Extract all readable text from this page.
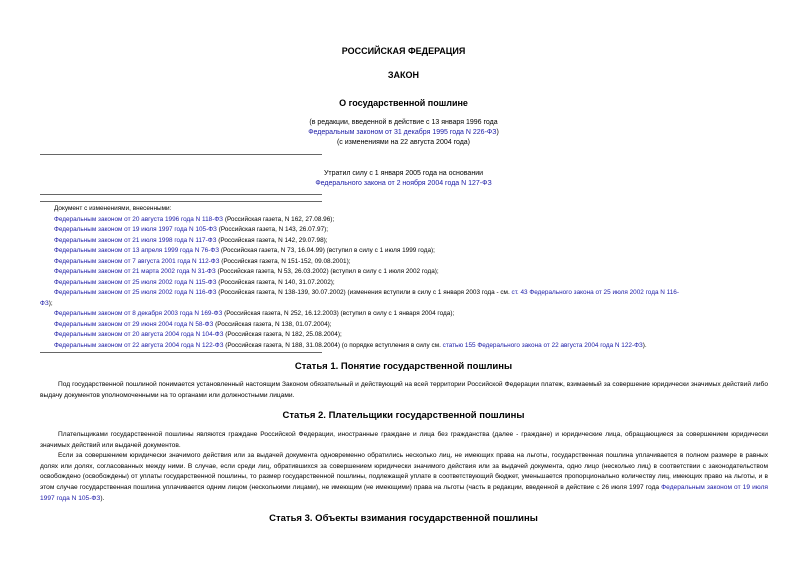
РОССИЙСКАЯ ФЕДЕРАЦИЯ
ЗАКОН
О государственной пошлине
(в редакции, введенной в действие с 13 января 1996 года
Федеральным законом от 31 декабря 1995 года N 226-ФЗ)
(с изменениями на 22 августа 2004 года)
Утратил силу с 1 января 2005 года на основании
Федерального закона от 2 ноября 2004 года N 127-ФЗ
Документ с изменениями, внесенными:
Федеральным законом от 20 августа 1996 года N 118-ФЗ (Российская газета, N 162, 27.08.96);
Федеральным законом от 19 июля 1997 года N 105-ФЗ (Российская газета, N 143, 26.07.97);
Федеральным законом от 21 июля 1998 года N 117-ФЗ (Российская газета, N 142, 29.07.98);
Федеральным законом от 13 апреля 1999 года N 76-ФЗ (Российская газета, N 73, 16.04.99) (вступил в силу с 1 июля 1999 года);
Федеральным законом от 7 августа 2001 года N 112-ФЗ (Российская газета, N 151-152, 09.08.2001);
Федеральным законом от 21 марта 2002 года N 31-ФЗ (Российская газета, N 53, 26.03.2002) (вступил в силу с 1 июля 2002 года);
Федеральным законом от 25 июля 2002 года N 115-ФЗ (Российская газета, N 140, 31.07.2002);
Федеральным законом от 25 июля 2002 года N 116-ФЗ (Российская газета, N 138-139, 30.07.2002) (изменения вступили в силу с 1 января 2003 года - см. ст. 43 Федерального закона от 25 июля 2002 года N 116-
ФЗ);
Федеральным законом от 8 декабря 2003 года N 169-ФЗ (Российская газета, N 252, 16.12.2003) (вступил в силу с 1 января 2004 года);
Федеральным законом от 29 июня 2004 года N 58-ФЗ (Российская газета, N 138, 01.07.2004);
Федеральным законом от 20 августа 2004 года N 104-ФЗ (Российская газета, N 182, 25.08.2004);
Федеральным законом от 22 августа 2004 года N 122-ФЗ (Российская газета, N 188, 31.08.2004) (о порядке вступления в силу см. статью 155 Федерального закона от 22 августа 2004 года N 122-ФЗ).
Статья 1. Понятие государственной пошлины

Под государственной пошлиной понимается установленный настоящим Законом обязательный и действующий на всей территории Российской Федерации платеж, взимаемый за совершение юридически значимых действий либо выдачу документов уполномоченными на то органами или должностными лицами.

Статья 2. Плательщики государственной пошлины

Плательщиками государственной пошлины являются граждане Российской Федерации, иностранные граждане и лица без гражданства (далее - граждане) и юридические лица, обращающиеся за совершением юридически значимых действий или выдачей документов.

Если за совершением юридически значимого действия или за выдачей документа одновременно обратились несколько лиц, не имеющих права на льготы, государственная пошлина уплачивается в полном размере в равных долях или долях, согласованных между ними. В случае, если среди лиц, обратившихся за совершением юридически значимого действия или за выдачей документа, одно лицо (несколько лиц) в соответствии с законодательством освобождено (освобождены) от уплаты государственной пошлины, то размер государственной пошлины, подлежащей уплате в соответствующий бюджет, уменьшается пропорционально количеству лиц, имеющих право на льготы, и в этом случае государственная пошлина уплачивается одним лицом (несколькими лицами), не имеющим (не имеющими) права на льготы (часть в редакции, введенной в действие с 26 июля 1997 года Федеральным законом от 19 июля 1997 года N 105-ФЗ).

Статья 3. Объекты взимания государственной пошлины
